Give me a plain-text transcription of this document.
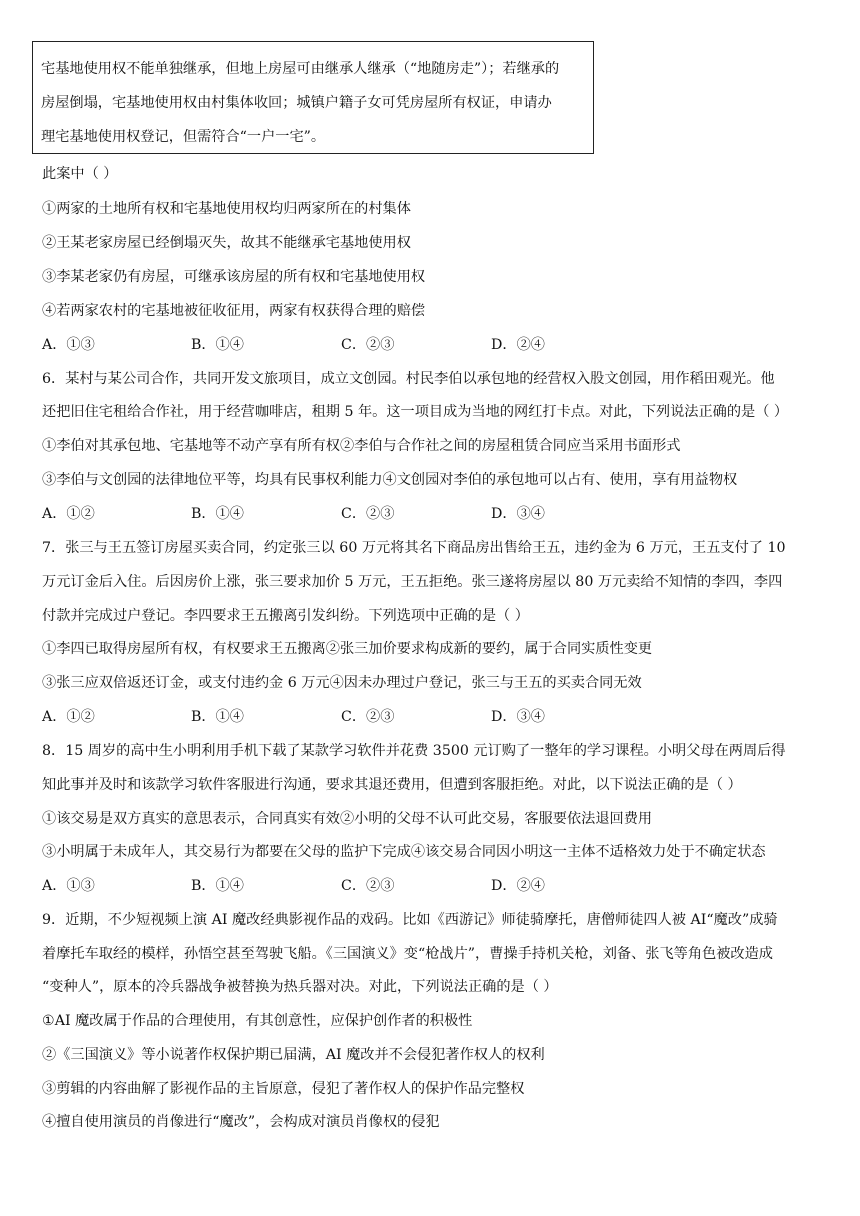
宅基地使用权不能单独继承，但地上房屋可由继承人继承（“地随房走”）；若继承的

房屋倒塌，宅基地使用权由村集体收回；城镇户籍子女可凭房屋所有权证，申请办

理宅基地使用权登记，但需符合“一户一宅”。

此案中（ ）
①两家的土地所有权和宅基地使用权均归两家所在的村集体
②王某老家房屋已经倒塌灭失，故其不能继承宅基地使用权
③李某老家仍有房屋，可继承该房屋的所有权和宅基地使用权
④若两家农村的宅基地被征收征用，两家有权获得合理的赔偿
A．①③	B．①④	C．②③	D．②④
6．某村与某公司合作，共同开发文旅项目，成立文创园。村民李伯以承包地的经营权入股文创园，用作稻田观光。他
还把旧住宅租给合作社，用于经营咖啡店，租期 5 年。这一项目成为当地的网红打卡点。对此，下列说法正确的是（ ）
①李伯对其承包地、宅基地等不动产享有所有权②李伯与合作社之间的房屋租赁合同应当采用书面形式
③李伯与文创园的法律地位平等，均具有民事权利能力④文创园对李伯的承包地可以占有、使用，享有用益物权
A．①②	B．①④	C．②③	D．③④
7．张三与王五签订房屋买卖合同，约定张三以 60 万元将其名下商品房出售给王五，违约金为 6 万元，王五支付了 10
万元订金后入住。后因房价上涨，张三要求加价 5 万元，王五拒绝。张三遂将房屋以 80 万元卖给不知情的李四，李四
付款并完成过户登记。李四要求王五搬离引发纠纷。下列选项中正确的是（ ）
①李四已取得房屋所有权，有权要求王五搬离②张三加价要求构成新的要约，属于合同实质性变更
③张三应双倍返还订金，或支付违约金 6 万元④因未办理过户登记，张三与王五的买卖合同无效
A．①②	B．①④	C．②③	D．③④
8．15 周岁的高中生小明利用手机下载了某款学习软件并花费 3500 元订购了一整年的学习课程。小明父母在两周后得
知此事并及时和该款学习软件客服进行沟通，要求其退还费用，但遭到客服拒绝。对此，以下说法正确的是（ ）
①该交易是双方真实的意思表示，合同真实有效②小明的父母不认可此交易，客服要依法退回费用
③小明属于未成年人，其交易行为都要在父母的监护下完成④该交易合同因小明这一主体不适格效力处于不确定状态
A．①③	B．①④	C．②③	D．②④
9．近期，不少短视频上演 AI 魔改经典影视作品的戏码。比如《西游记》师徒骑摩托，唐僧师徒四人被 AI“魔改”成骑
着摩托车取经的模样，孙悟空甚至驾驶飞船。《三国演义》变“枪战片”，曹操手持机关枪，刘备、张飞等角色被改造成
“变种人”，原本的冷兵器战争被替换为热兵器对决。对此，下列说法正确的是（ ）
①AI 魔改属于作品的合理使用，有其创意性，应保护创作者的积极性
②《三国演义》等小说著作权保护期已届满，AI 魔改并不会侵犯著作权人的权利
③剪辑的内容曲解了影视作品的主旨原意，侵犯了著作权人的保护作品完整权
④擅自使用演员的肖像进行“魔改”，会构成对演员肖像权的侵犯
